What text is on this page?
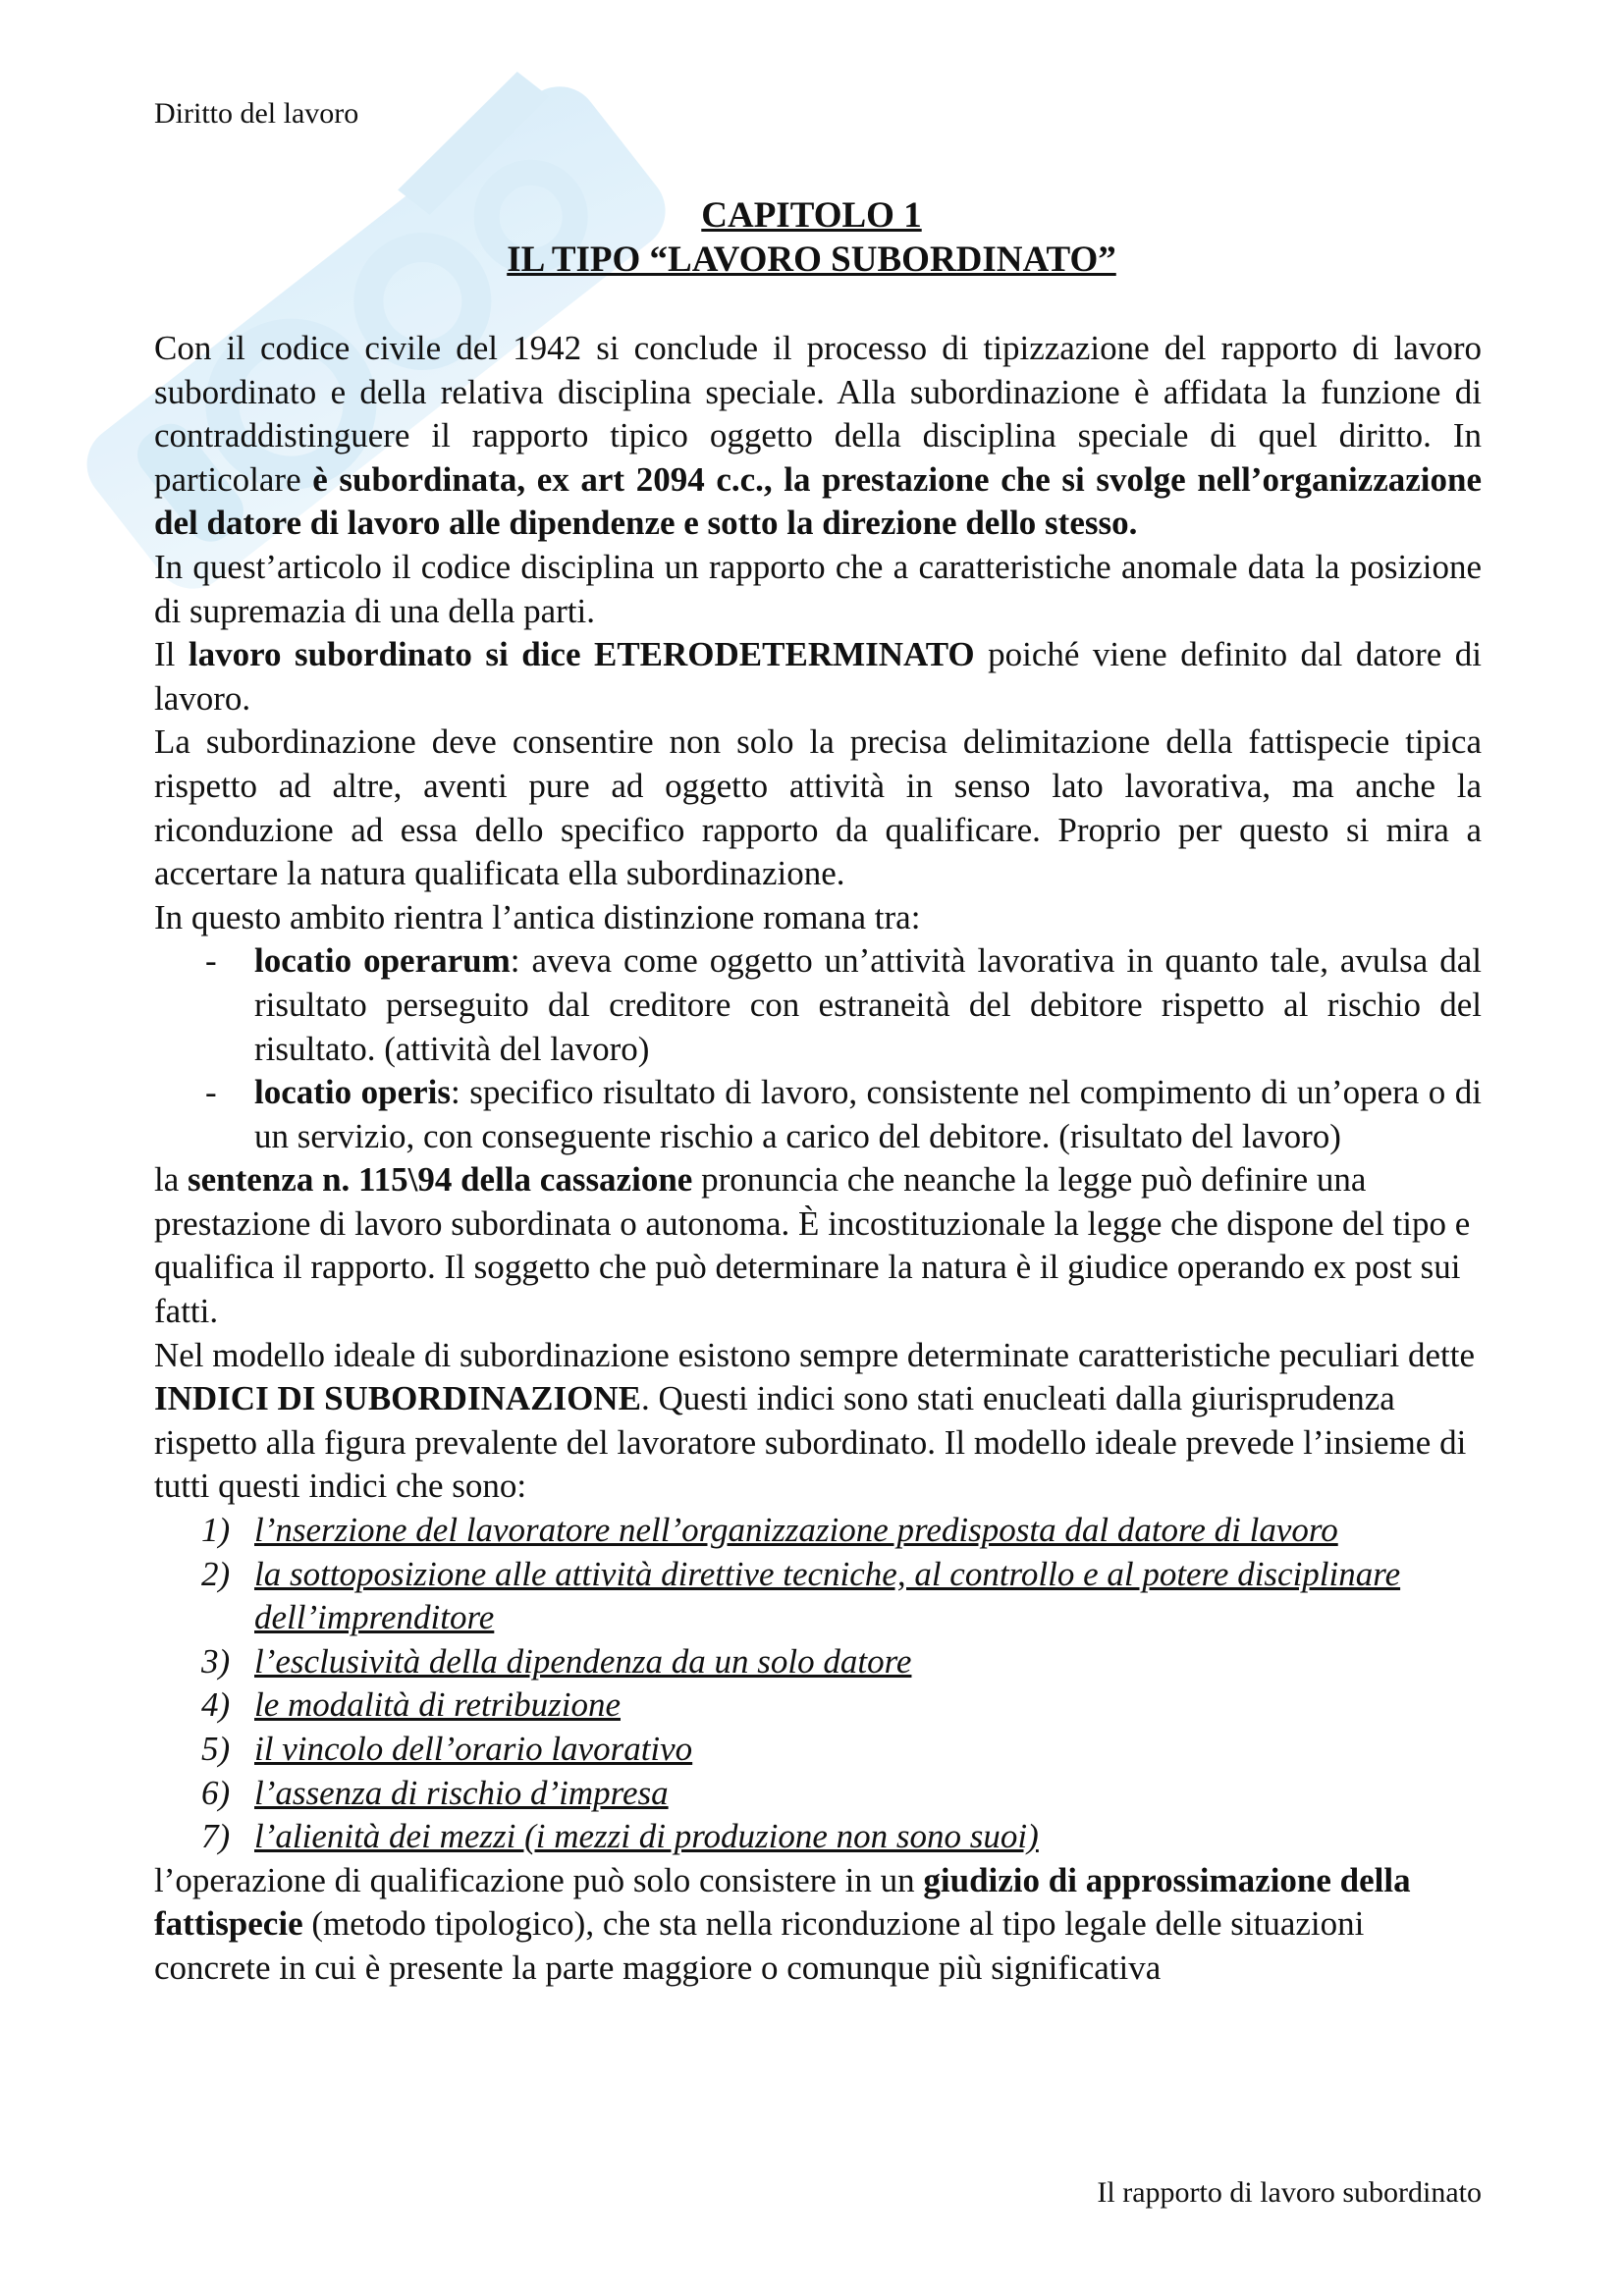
Diritto del lavoro
CAPITOLO 1
IL TIPO “LAVORO SUBORDINATO”

Con il codice civile del 1942 si conclude il processo di tipizzazione del rapporto di lavoro subordinato e della relativa disciplina speciale. Alla subordinazione è affidata la funzione di contraddistinguere il rapporto tipico oggetto della disciplina speciale di quel diritto. In particolare è subordinata, ex art 2094 c.c., la prestazione che si svolge nell’organizzazione del datore di lavoro alle dipendenze e sotto la direzione dello stesso.

In quest’articolo il codice disciplina un rapporto che a caratteristiche anomale data la posizione di supremazia di una della parti.

Il lavoro subordinato si dice ETERODETERMINATO poiché viene definito dal datore di lavoro.

La subordinazione deve consentire non solo la precisa delimitazione della fattispecie tipica rispetto ad altre, aventi pure ad oggetto attività in senso lato lavorativa, ma anche la riconduzione ad essa dello specifico rapporto da qualificare. Proprio per questo si mira a accertare la natura qualificata ella subordinazione.

In questo ambito rientra l’antica distinzione romana tra:

- locatio operarum: aveva come oggetto un’attività lavorativa in quanto tale, avulsa dal risultato perseguito dal creditore con estraneità del debitore rispetto al rischio del risultato. (attività del lavoro)

- locatio operis: specifico risultato di lavoro, consistente nel compimento di un’opera o di un servizio, con conseguente rischio a carico del debitore. (risultato del lavoro)

la sentenza n. 115\94 della cassazione pronuncia che neanche la legge può definire una prestazione di lavoro subordinata o autonoma. È incostituzionale la legge che dispone del tipo e qualifica il rapporto. Il soggetto che può determinare la natura è il giudice operando ex post sui fatti.

Nel modello ideale di subordinazione esistono sempre determinate caratteristiche peculiari dette INDICI DI SUBORDINAZIONE. Questi indici sono stati enucleati dalla giurisprudenza rispetto alla figura prevalente del lavoratore subordinato. Il modello ideale prevede l’insieme di tutti questi indici che sono:

1) l’nserzione del lavoratore nell’organizzazione predisposta dal datore di lavoro

2) la sottoposizione alle attività direttive tecniche, al controllo e al potere disciplinare dell’imprenditore

3) l’esclusività della dipendenza da un solo datore

4) le modalità di retribuzione

5) il vincolo dell’orario lavorativo

6) l’assenza di rischio d’impresa

7) l’alienità dei mezzi (i mezzi di produzione non sono suoi)

l’operazione di qualificazione può solo consistere in un giudizio di approssimazione della fattispecie (metodo tipologico), che sta nella riconduzione al tipo legale delle situazioni concrete in cui è presente la parte maggiore o comunque più significativa

Il rapporto di lavoro subordinato
